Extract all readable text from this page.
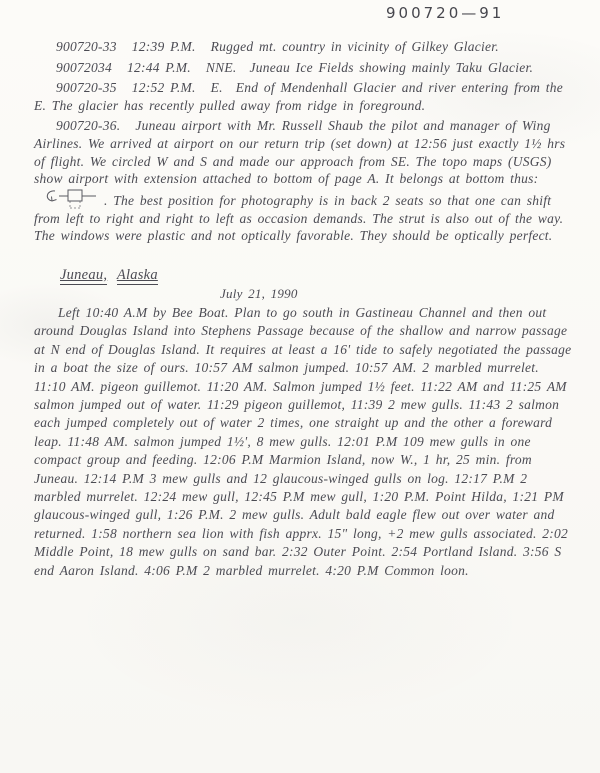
900720—91

900720-33 12:39 P.M. Rugged mt. country in vicinity of Gilkey Glacier.

90072034 12:44 P.M. NNE. Juneau Ice Fields showing mainly Taku Glacier.

900720-35 12:52 P.M. E. End of Mendenhall Glacier and river entering from the E. The glacier has recently pulled away from ridge in foreground.

900720-36. Juneau airport with Mr. Russell Shaub the pilot and manager of Wing Airlines. We arrived at airport on our return trip (set down) at 12:56 just exactly 1½ hrs of flight. We circled W and S and made our approach from SE. The topo maps (USGS) show airport with extension attached to bottom of page A. It belongs at bottom thus:. The best position for photography is in back 2 seats so that one can shift from left to right and right to left as occasion demands. The strut is also out of the way. The windows were plastic and not optically favorable. They should be optically perfect.

Juneau, Alaska

July 21, 1990

Left 10:40 A.M by Bee Boat. Plan to go south in Gastineau Channel and then out around Douglas Island into Stephens Passage because of the shallow and narrow passage at N end of Douglas Island. It requires at least a 16' tide to safely negotiated the passage in a boat the size of ours. 10:57 AM salmon jumped. 10:57 AM. 2 marbled murrelet. 11:10 AM. pigeon guillemot. 11:20 AM. Salmon jumped 1½ feet. 11:22 AM and 11:25 AM salmon jumped out of water. 11:29 pigeon guillemot, 11:39 2 mew gulls. 11:43 2 salmon each jumped completely out of water 2 times, one straight up and the other a foreward leap. 11:48 AM. salmon jumped 1½', 8 mew gulls. 12:01 P.M 109 mew gulls in one compact group and feeding. 12:06 P.M Marmion Island, now W., 1 hr, 25 min. from Juneau. 12:14 P.M 3 mew gulls and 12 glaucous-winged gulls on log. 12:17 P.M 2 marbled murrelet. 12:24 mew gull, 12:45 P.M mew gull, 1:20 P.M. Point Hilda, 1:21 PM glaucous-winged gull, 1:26 P.M. 2 mew gulls. Adult bald eagle flew out over water and returned. 1:58 northern sea lion with fish apprx. 15" long, +2 mew gulls associated. 2:02 Middle Point, 18 mew gulls on sand bar. 2:32 Outer Point. 2:54 Portland Island. 3:56 S end Aaron Island. 4:06 P.M 2 marbled murrelet. 4:20 P.M Common loon.
